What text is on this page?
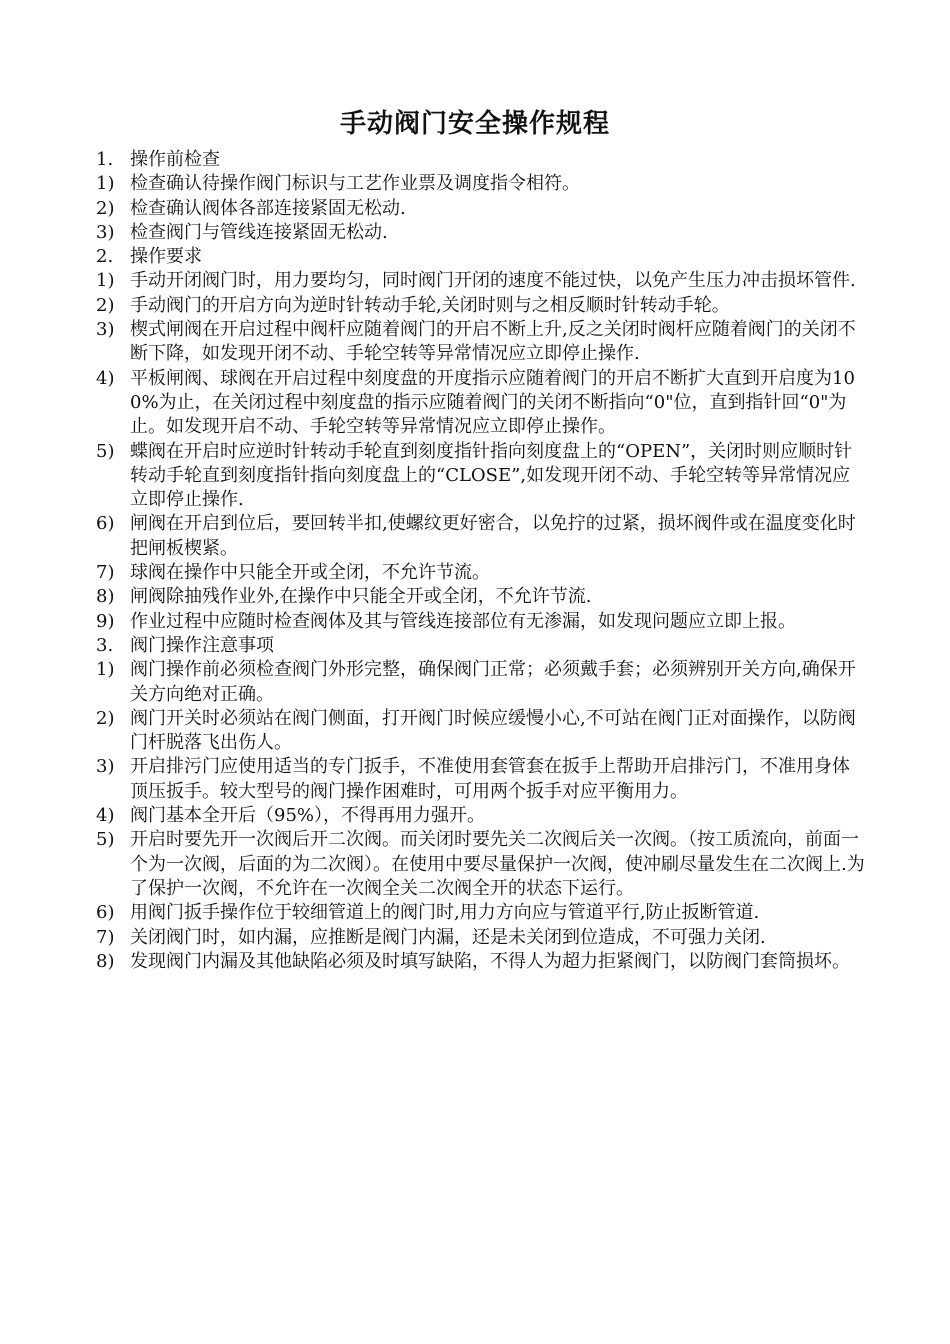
手动阀门安全操作规程
1. 操作前检查
1) 检查确认待操作阀门标识与工艺作业票及调度指令相符。
2) 检查确认阀体各部连接紧固无松动.
3) 检查阀门与管线连接紧固无松动.
2. 操作要求
1) 手动开闭阀门时，用力要均匀，同时阀门开闭的速度不能过快，以免产生压力冲击损坏管件.
2) 手动阀门的开启方向为逆时针转动手轮,关闭时则与之相反顺时针转动手轮。
3) 楔式闸阀在开启过程中阀杆应随着阀门的开启不断上升,反之关闭时阀杆应随着阀门的关闭不断下降，如发现开闭不动、手轮空转等异常情况应立即停止操作.
4) 平板闸阀、球阀在开启过程中刻度盘的开度指示应随着阀门的开启不断扩大直到开启度为100%为止，在关闭过程中刻度盘的指示应随着阀门的关闭不断指向“0"位，直到指针回“0"为止。如发现开启不动、手轮空转等异常情况应立即停止操作。
5) 蝶阀在开启时应逆时针转动手轮直到刻度指针指向刻度盘上的“OPEN”，关闭时则应顺时针转动手轮直到刻度指针指向刻度盘上的“CLOSE”,如发现开闭不动、手轮空转等异常情况应立即停止操作.
6) 闸阀在开启到位后，要回转半扣,使螺纹更好密合，以免拧的过紧，损坏阀件或在温度变化时把闸板楔紧。
7) 球阀在操作中只能全开或全闭，不允许节流。
8) 闸阀除抽残作业外,在操作中只能全开或全闭，不允许节流.
9) 作业过程中应随时检查阀体及其与管线连接部位有无渗漏，如发现问题应立即上报。
3. 阀门操作注意事项
1) 阀门操作前必须检查阀门外形完整，确保阀门正常；必须戴手套；必须辨别开关方向,确保开关方向绝对正确。
2) 阀门开关时必须站在阀门侧面，打开阀门时候应缓慢小心,不可站在阀门正对面操作，以防阀门杆脱落飞出伤人。
3) 开启排污门应使用适当的专门扳手，不准使用套管套在扳手上帮助开启排污门，不准用身体顶压扳手。较大型号的阀门操作困难时，可用两个扳手对应平衡用力。
4) 阀门基本全开后（95%），不得再用力强开。
5) 开启时要先开一次阀后开二次阀。而关闭时要先关二次阀后关一次阀。（按工质流向，前面一个为一次阀，后面的为二次阀）。在使用中要尽量保护一次阀，使冲刷尽量发生在二次阀上.为了保护一次阀，不允许在一次阀全关二次阀全开的状态下运行。
6) 用阀门扳手操作位于较细管道上的阀门时,用力方向应与管道平行,防止扳断管道.
7) 关闭阀门时，如内漏，应推断是阀门内漏，还是未关闭到位造成，不可强力关闭.
8) 发现阀门内漏及其他缺陷必须及时填写缺陷，不得人为超力拒紧阀门，以防阀门套筒损坏。
